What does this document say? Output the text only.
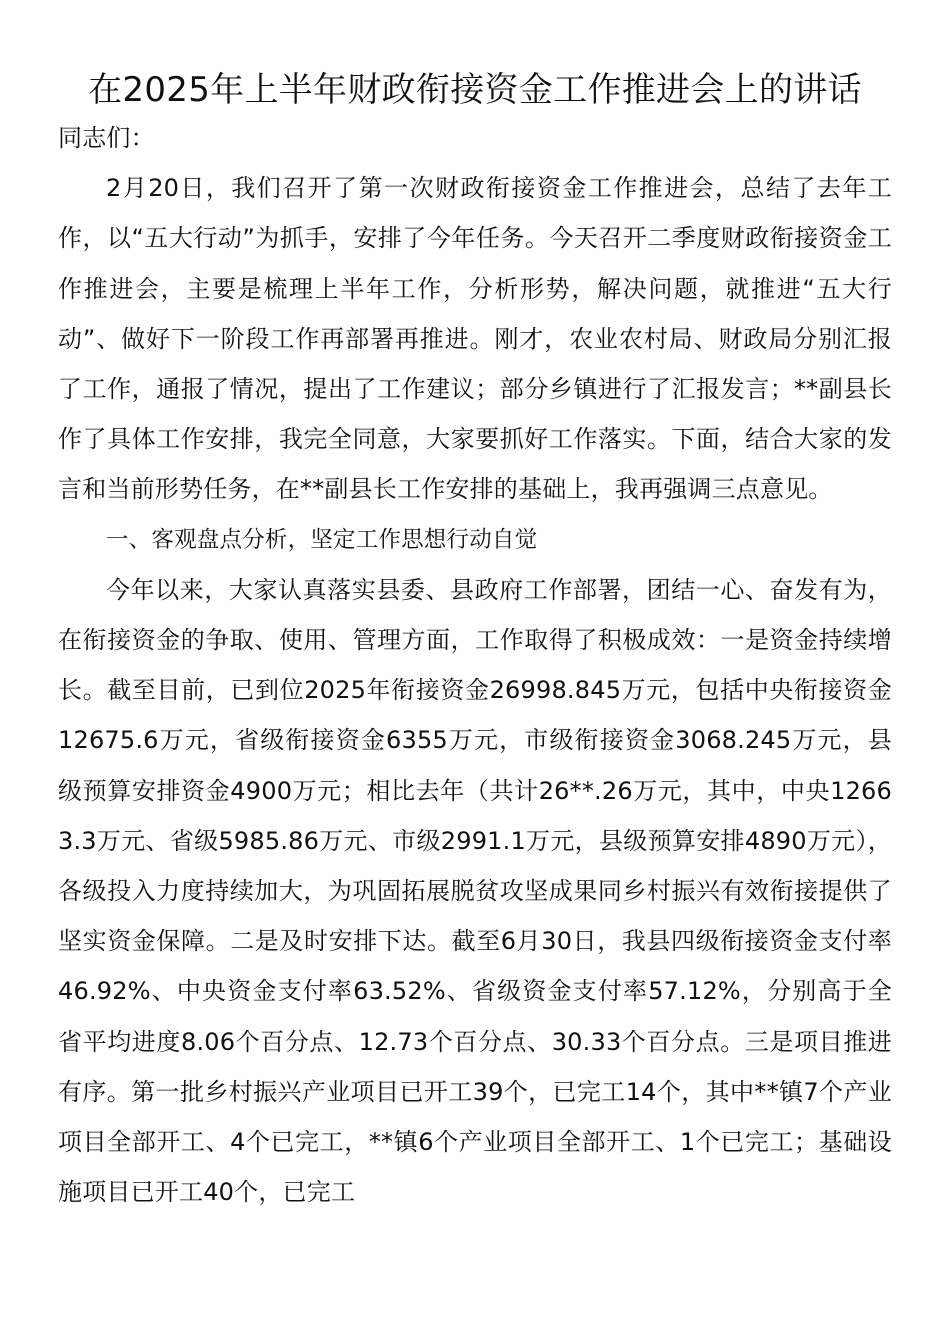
在2025年上半年财政衔接资金工作推进会上的讲话

同志们：

2月20日，我们召开了第一次财政衔接资金工作推进会，总结了去年工作，以“五大行动”为抓手，安排了今年任务。今天召开二季度财政衔接资金工作推进会，主要是梳理上半年工作，分析形势，解决问题，就推进“五大行动”、做好下一阶段工作再部署再推进。刚才，农业农村局、财政局分别汇报了工作，通报了情况，提出了工作建议；部分乡镇进行了汇报发言；**副县长作了具体工作安排，我完全同意，大家要抓好工作落实。下面，结合大家的发言和当前形势任务，在**副县长工作安排的基础上，我再强调三点意见。

一、客观盘点分析，坚定工作思想行动自觉

今年以来，大家认真落实县委、县政府工作部署，团结一心、奋发有为，在衔接资金的争取、使用、管理方面，工作取得了积极成效：一是资金持续增长。截至目前，已到位2025年衔接资金26998.845万元，包括中央衔接资金12675.6万元，省级衔接资金6355万元，市级衔接资金3068.245万元，县级预算安排资金4900万元；相比去年（共计26**.26万元，其中，中央12663.3万元、省级5985.86万元、市级2991.1万元，县级预算安排4890万元），各级投入力度持续加大，为巩固拓展脱贫攻坚成果同乡村振兴有效衔接提供了坚实资金保障。二是及时安排下达。截至6月30日，我县四级衔接资金支付率46.92%、中央资金支付率63.52%、省级资金支付率57.12%，分别高于全省平均进度8.06个百分点、12.73个百分点、30.33个百分点。三是项目推进有序。第一批乡村振兴产业项目已开工39个，已完工14个，其中**镇7个产业项目全部开工、4个已完工，**镇6个产业项目全部开工、1个已完工；基础设施项目已开工40个，已完工
